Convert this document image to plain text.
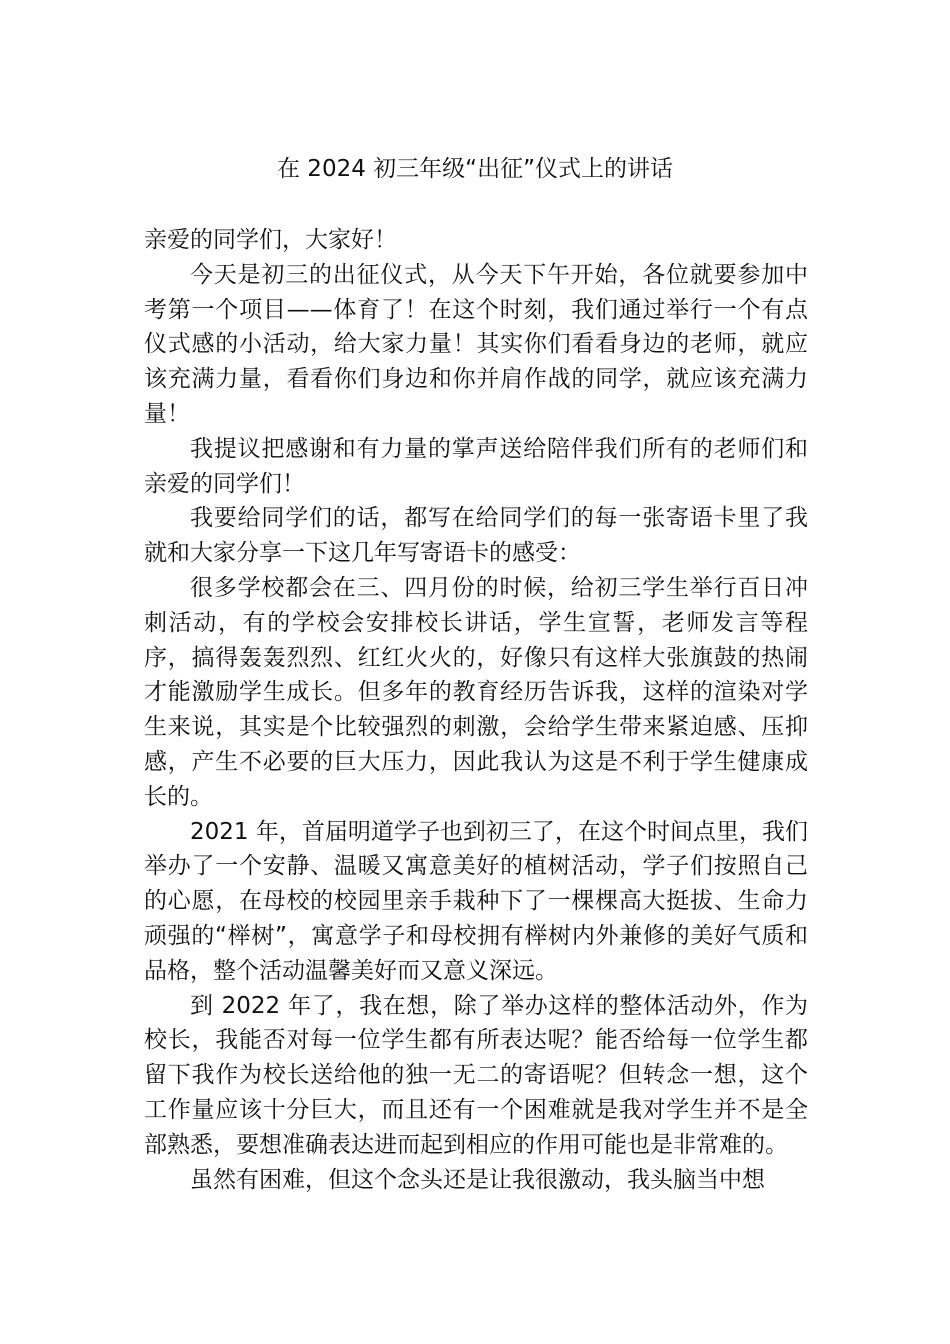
在 2024 初三年级“出征”仪式上的讲话

亲爱的同学们，大家好！

今天是初三的出征仪式，从今天下午开始，各位就要参加中考第一个项目——体育了！在这个时刻，我们通过举行一个有点仪式感的小活动，给大家力量！其实你们看看身边的老师，就应该充满力量，看看你们身边和你并肩作战的同学，就应该充满力量！

我提议把感谢和有力量的掌声送给陪伴我们所有的老师们和亲爱的同学们！

我要给同学们的话，都写在给同学们的每一张寄语卡里了我就和大家分享一下这几年写寄语卡的感受：

很多学校都会在三、四月份的时候，给初三学生举行百日冲刺活动，有的学校会安排校长讲话，学生宣誓，老师发言等程序，搞得轰轰烈烈、红红火火的，好像只有这样大张旗鼓的热闹才能激励学生成长。但多年的教育经历告诉我，这样的渲染对学生来说，其实是个比较强烈的刺激，会给学生带来紧迫感、压抑感，产生不必要的巨大压力，因此我认为这是不利于学生健康成长的。

2021 年，首届明道学子也到初三了，在这个时间点里，我们举办了一个安静、温暖又寓意美好的植树活动，学子们按照自己的心愿，在母校的校园里亲手栽种下了一棵棵高大挺拔、生命力顽强的“榉树”，寓意学子和母校拥有榉树内外兼修的美好气质和品格，整个活动温馨美好而又意义深远。

到 2022 年了，我在想，除了举办这样的整体活动外，作为校长，我能否对每一位学生都有所表达呢？能否给每一位学生都留下我作为校长送给他的独一无二的寄语呢？但转念一想，这个工作量应该十分巨大，而且还有一个困难就是我对学生并不是全部熟悉，要想准确表达进而起到相应的作用可能也是非常难的。

虽然有困难，但这个念头还是让我很激动，我头脑当中想
